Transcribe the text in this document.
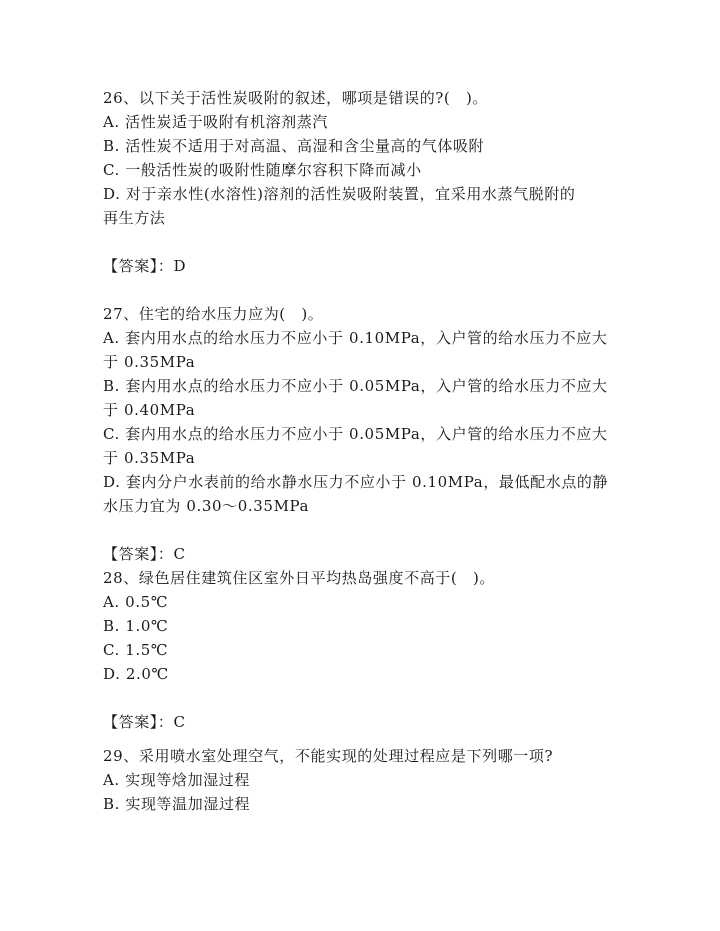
26、以下关于活性炭吸附的叙述，哪项是错误的?(　)。
A. 活性炭适于吸附有机溶剂蒸汽
B. 活性炭不适用于对高温、高湿和含尘量高的气体吸附
C. 一般活性炭的吸附性随摩尔容积下降而减小
D. 对于亲水性(水溶性)溶剂的活性炭吸附装置，宜采用水蒸气脱附的
再生方法
【答案】：D
27、住宅的给水压力应为(　)。
A. 套内用水点的给水压力不应小于 0.10MPa，入户管的给水压力不应大
于 0.35MPa
B. 套内用水点的给水压力不应小于 0.05MPa，入户管的给水压力不应大
于 0.40MPa
C. 套内用水点的给水压力不应小于 0.05MPa，入户管的给水压力不应大
于 0.35MPa
D. 套内分户水表前的给水静水压力不应小于 0.10MPa，最低配水点的静
水压力宜为 0.30～0.35MPa
【答案】：C
28、绿色居住建筑住区室外日平均热岛强度不高于(　)。
A. 0.5℃
B. 1.0℃
C. 1.5℃
D. 2.0℃
【答案】：C
29、采用喷水室处理空气，不能实现的处理过程应是下列哪一项?
A. 实现等焓加湿过程
B. 实现等温加湿过程
